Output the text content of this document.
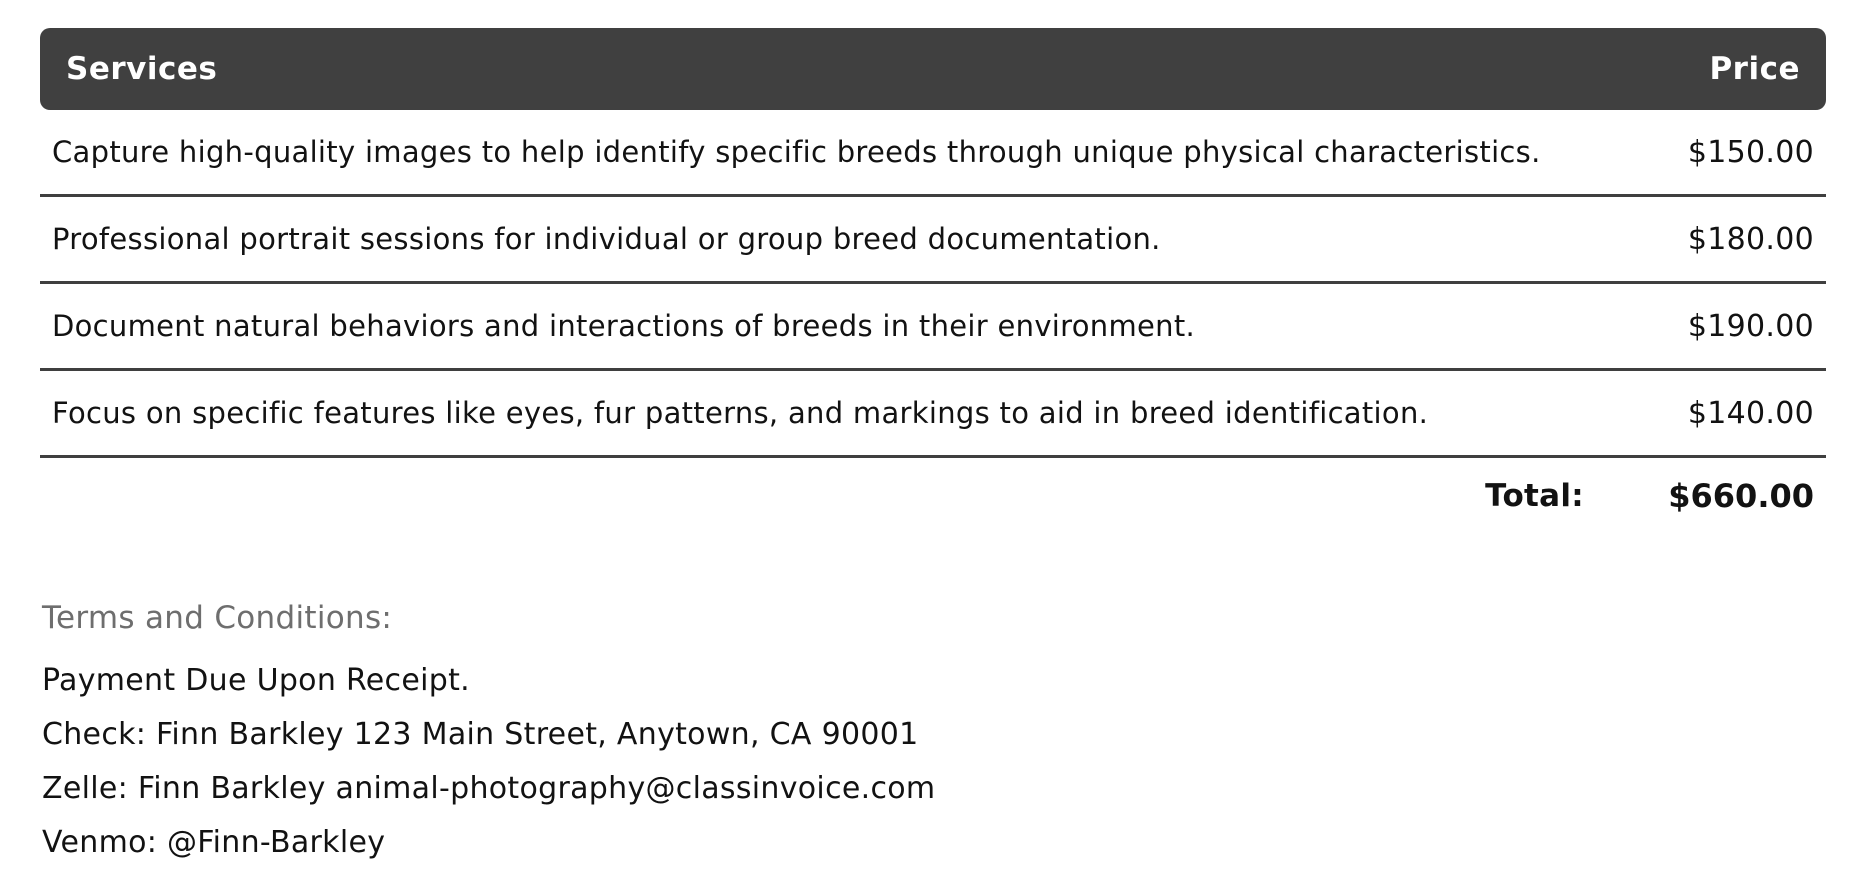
Services	Price
Capture high-quality images to help identify specific breeds through unique physical characteristics.	$150.00
Professional portrait sessions for individual or group breed documentation.	$180.00
Document natural behaviors and interactions of breeds in their environment.	$190.00
Focus on specific features like eyes, fur patterns, and markings to aid in breed identification.	$140.00
Total:	$660.00
Terms and Conditions:
Payment Due Upon Receipt.
Check: Finn Barkley 123 Main Street, Anytown, CA 90001
Zelle: Finn Barkley animal-photography@classinvoice.com
Venmo: @Finn-Barkley
